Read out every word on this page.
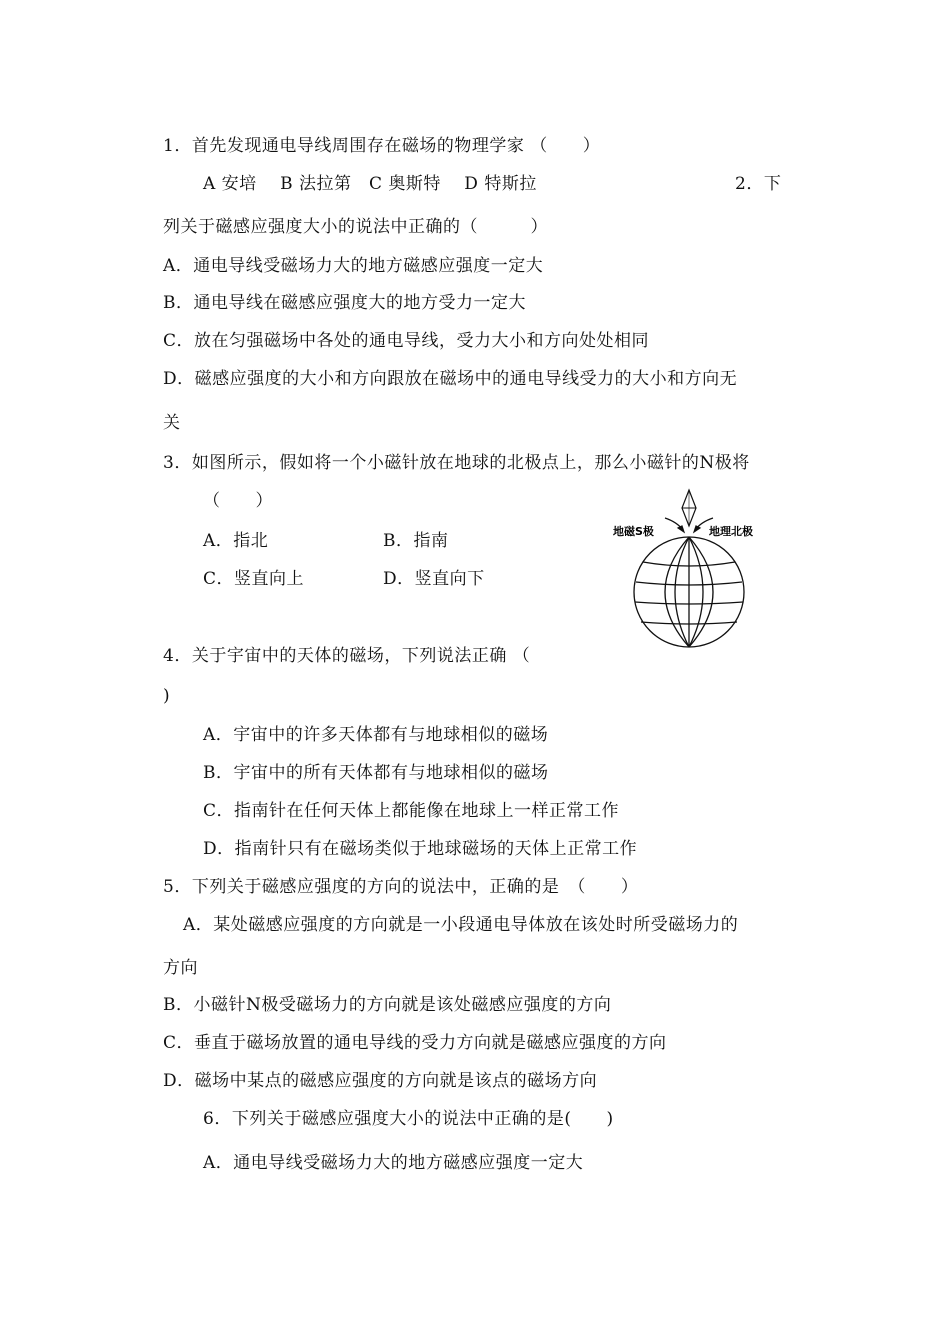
1．首先发现通电导线周围存在磁场的物理学家 （　　）
A 安培　 B 法拉第　C 奥斯特　 D 特斯拉	2．下
列关于磁感应强度大小的说法中正确的（　　　）
A．通电导线受磁场力大的地方磁感应强度一定大
B．通电导线在磁感应强度大的地方受力一定大
C．放在匀强磁场中各处的通电导线，受力大小和方向处处相同
D．磁感应强度的大小和方向跟放在磁场中的通电导线受力的大小和方向无
关
3．如图所示，假如将一个小磁针放在地球的北极点上，那么小磁针的N极将
（　　）
A．指北	B．指南
C．竖直向上	D．竖直向下
地磁S极	地理北极
4．关于宇宙中的天体的磁场，下列说法正确 （
)
A．宇宙中的许多天体都有与地球相似的磁场
B．宇宙中的所有天体都有与地球相似的磁场
C．指南针在任何天体上都能像在地球上一样正常工作
D．指南针只有在磁场类似于地球磁场的天体上正常工作
5．下列关于磁感应强度的方向的说法中，正确的是　（　　）
A．某处磁感应强度的方向就是一小段通电导体放在该处时所受磁场力的
方向
B．小磁针N极受磁场力的方向就是该处磁感应强度的方向
C．垂直于磁场放置的通电导线的受力方向就是磁感应强度的方向
D．磁场中某点的磁感应强度的方向就是该点的磁场方向
6．下列关于磁感应强度大小的说法中正确的是(　　)
A．通电导线受磁场力大的地方磁感应强度一定大
